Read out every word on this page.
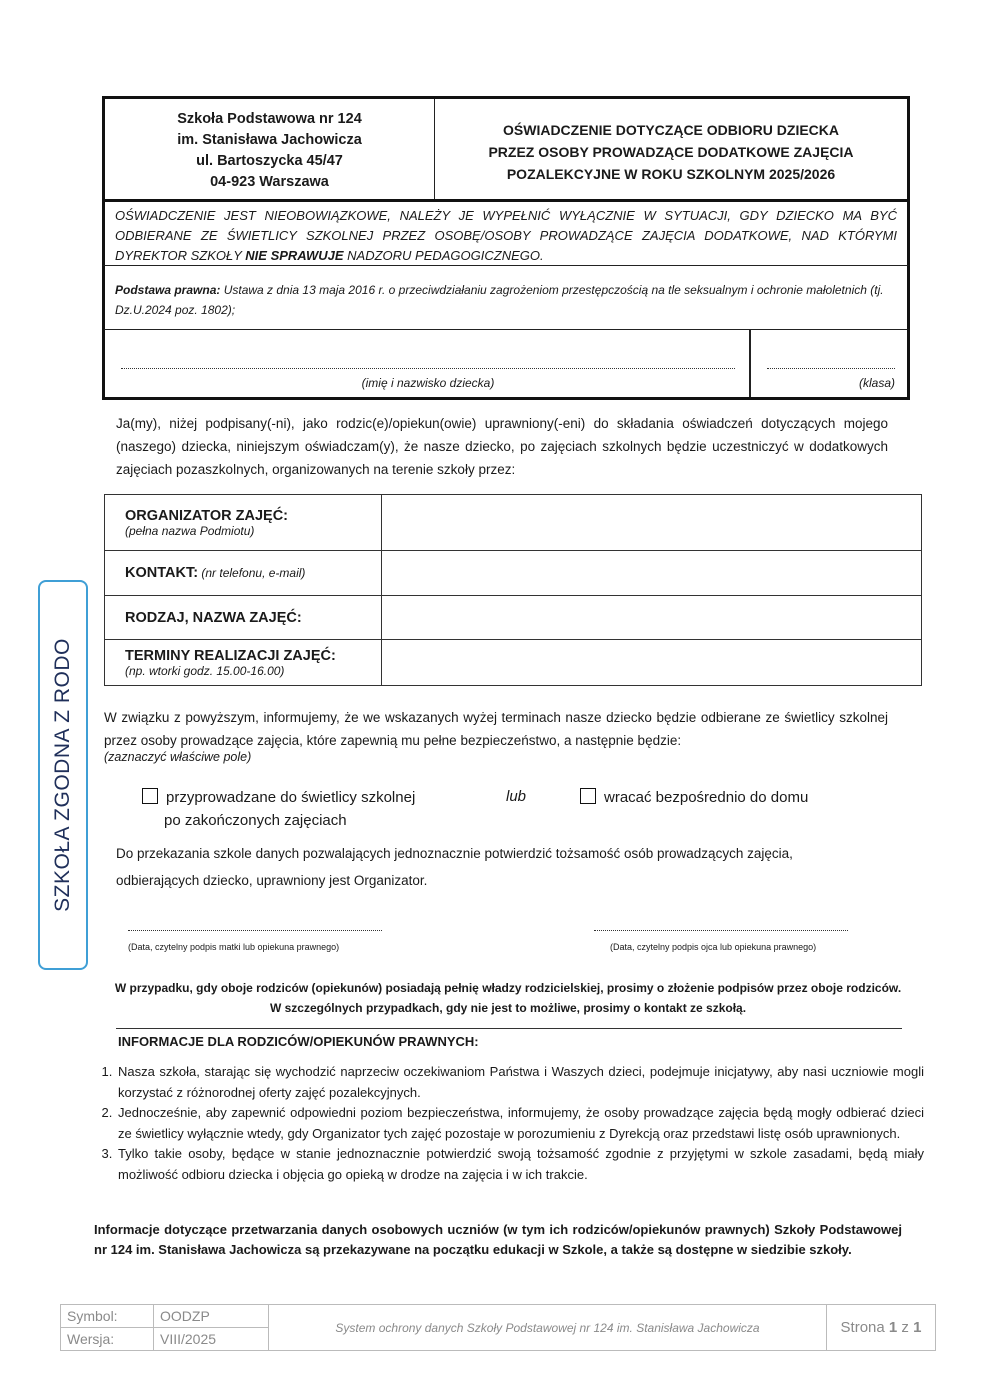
Szkoła Podstawowa nr 124
im. Stanisława Jachowicza
ul. Bartoszycka 45/47
04-923 Warszawa
OŚWIADCZENIE DOTYCZĄCE ODBIORU DZIECKA
PRZEZ OSOBY PROWADZĄCE DODATKOWE ZAJĘCIA
POZALEKCYJNE W ROKU SZKOLNYM 2025/2026
OŚWIADCZENIE JEST NIEOBOWIĄZKOWE, NALEŻY JE WYPEŁNIĆ WYŁĄCZNIE W SYTUACJI, GDY DZIECKO MA BYĆ ODBIERANE ZE ŚWIETLICY SZKOLNEJ PRZEZ OSOBĘ/OSOBY PROWADZĄCE ZAJĘCIA DODATKOWE, NAD KTÓRYMI DYREKTOR SZKOŁY NIE SPRAWUJE NADZORU PEDAGOGICZNEGO.
Podstawa prawna: Ustawa z dnia 13 maja 2016 r. o przeciwdziałaniu zagrożeniom przestępczością na tle seksualnym i ochronie małoletnich (tj. Dz.U.2024 poz. 1802);
(imię i nazwisko dziecka)	(klasa)
Ja(my), niżej podpisany(-ni), jako rodzic(e)/opiekun(owie) uprawniony(-eni) do składania oświadczeń dotyczących mojego (naszego) dziecka, niniejszym oświadczam(y), że nasze dziecko, po zajęciach szkolnych będzie uczestniczyć w dodatkowych zajęciach pozaszkolnych, organizowanych na terenie szkoły przez:
ORGANIZATOR ZAJĘĆ:
(pełna nazwa Podmiotu)	

KONTAKT: (nr telefonu, e-mail)	
RODZAJ, NAZWA ZAJĘĆ:	

TERMINY REALIZACJI ZAJĘĆ:
(np. wtorki godz. 15.00-16.00)	

SZKOŁA ZGODNA Z RODO W związku z powyższym, informujemy, że we wskazanych wyżej terminach nasze dziecko będzie odbierane ze świetlicy szkolnej przez osoby prowadzące zajęcia, które zapewnią mu pełne bezpieczeństwo, a następnie będzie:
(zaznaczyć właściwe pole)
przyprowadzane do świetlicy szkolnej
po zakończonych zajęciach
lub	wracać bezpośrednio do domu
Do przekazania szkole danych pozwalających jednoznacznie potwierdzić tożsamość osób prowadzących zajęcia,
odbierających dziecko, uprawniony jest Organizator.
(Data, czytelny podpis matki lub opiekuna prawnego)	(Data, czytelny podpis ojca lub opiekuna prawnego)
W przypadku, gdy oboje rodziców (opiekunów) posiadają pełnię władzy rodzicielskiej, prosimy o złożenie podpisów przez oboje rodziców. W szczególnych przypadkach, gdy nie jest to możliwe, prosimy o kontakt ze szkołą.
INFORMACJE DLA RODZICÓW/OPIEKUNÓW PRAWNYCH:
1. Nasza szkoła, starając się wychodzić naprzeciw oczekiwaniom Państwa i Waszych dzieci, podejmuje inicjatywy, aby nasi uczniowie mogli korzystać z różnorodnej oferty zajęć pozalekcyjnych.
2. Jednocześnie, aby zapewnić odpowiedni poziom bezpieczeństwa, informujemy, że osoby prowadzące zajęcia będą mogły odbierać dzieci ze świetlicy wyłącznie wtedy, gdy Organizator tych zajęć pozostaje w porozumieniu z Dyrekcją oraz przedstawi listę osób uprawnionych.
3. Tylko takie osoby, będące w stanie jednoznacznie potwierdzić swoją tożsamość zgodnie z przyjętymi w szkole zasadami, będą miały możliwość odbioru dziecka i objęcia go opieką w drodze na zajęcia i w ich trakcie.
Informacje dotyczące przetwarzania danych osobowych uczniów (w tym ich rodziców/opiekunów prawnych) Szkoły Podstawowej nr 124 im. Stanisława Jachowicza są przekazywane na początku edukacji w Szkole, a także są dostępne w siedzibie szkoły.
Symbol:	OODZP	System ochrony danych Szkoły Podstawowej nr 124 im. Stanisława Jachowicza	Strona 1 z 1
Wersja:	VIII/2025		
